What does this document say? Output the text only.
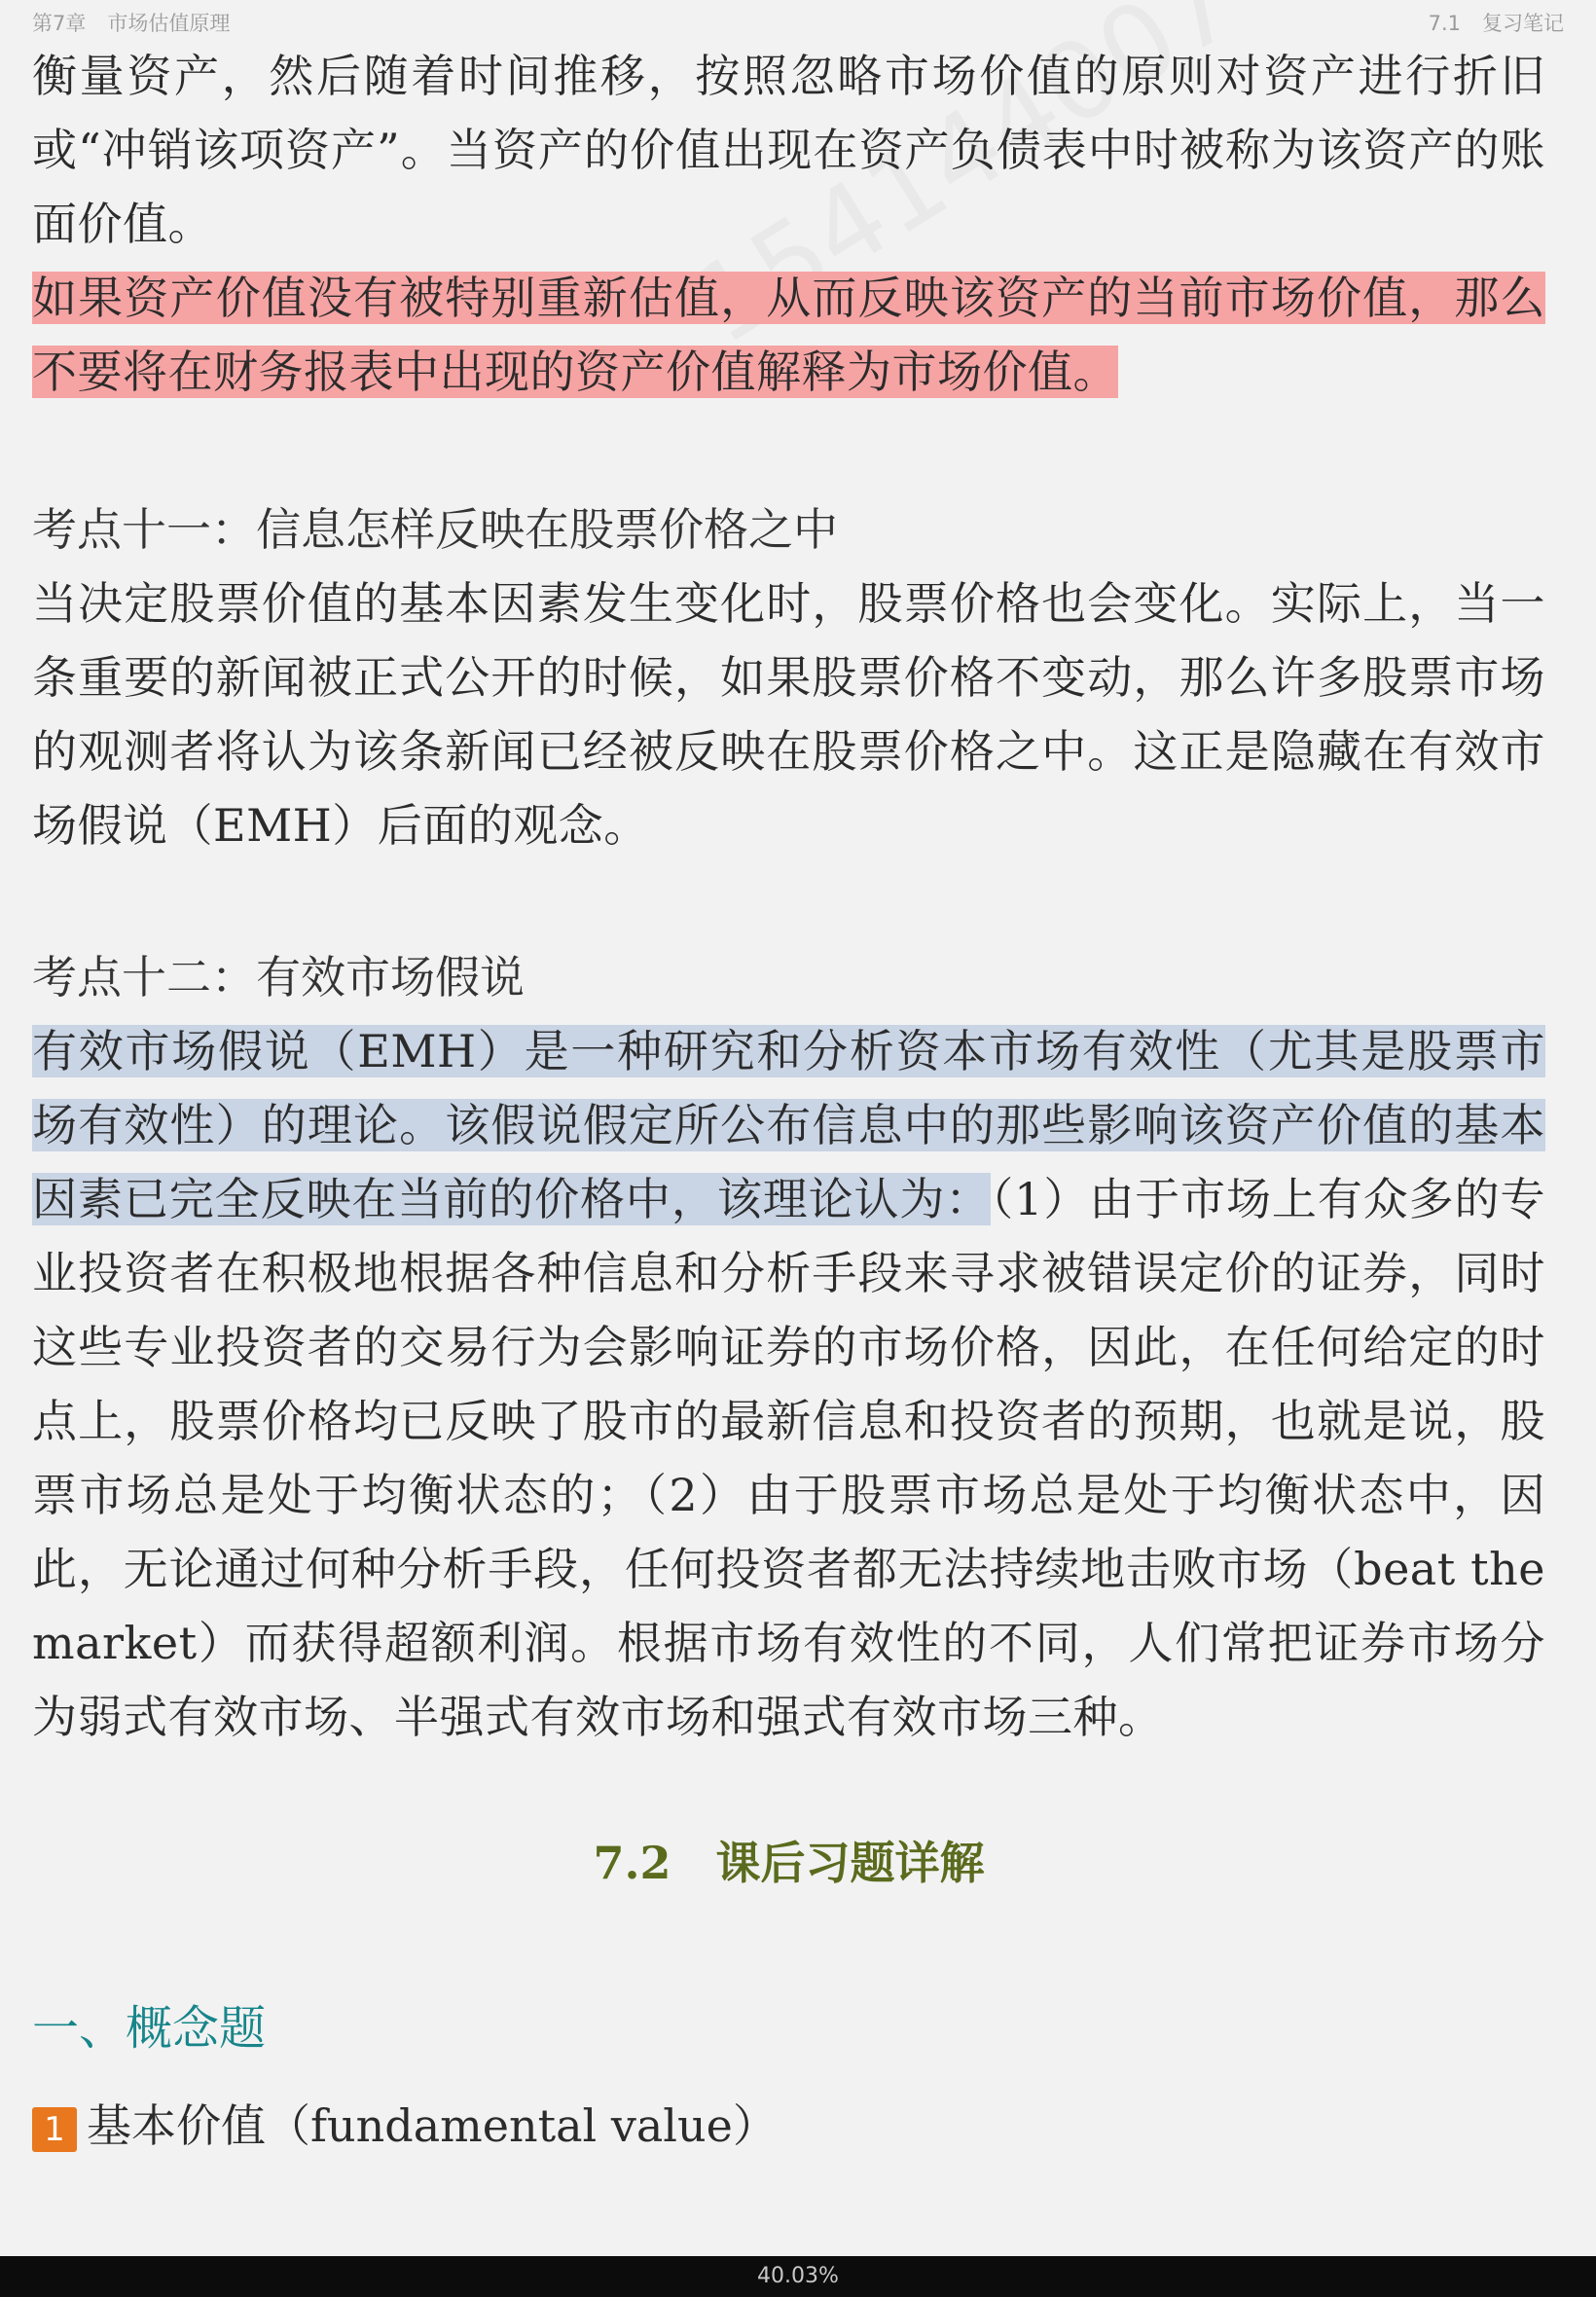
第7章 市场估值原理	7.1 复习笔记

衡量资产，然后随着时间推移，按照忽略市场价值的原则对资产进行折旧或“冲销该项资产”。当资产的价值出现在资产负债表中时被称为该资产的账面价值。

如果资产价值没有被特别重新估值，从而反映该资产的当前市场价值，那么不要将在财务报表中出现的资产价值解释为市场价值。

考点十一：信息怎样反映在股票价格之中

当决定股票价值的基本因素发生变化时，股票价格也会变化。实际上，当一条重要的新闻被正式公开的时候，如果股票价格不变动，那么许多股票市场的观测者将认为该条新闻已经被反映在股票价格之中。这正是隐藏在有效市场假说（EMH）后面的观念。

考点十二：有效市场假说

有效市场假说（EMH）是一种研究和分析资本市场有效性（尤其是股票市场有效性）的理论。该假说假定所公布信息中的那些影响该资产价值的基本因素已完全反映在当前的价格中，该理论认为：（1）由于市场上有众多的专业投资者在积极地根据各种信息和分析手段来寻求被错误定价的证券，同时这些专业投资者的交易行为会影响证券的市场价格，因此，在任何给定的时点上，股票价格均已反映了股市的最新信息和投资者的预期，也就是说，股票市场总是处于均衡状态的；（2）由于股票市场总是处于均衡状态中，因此，无论通过何种分析手段，任何投资者都无法持续地击败市场（beat the market）而获得超额利润。根据市场有效性的不同，人们常把证券市场分为弱式有效市场、半强式有效市场和强式有效市场三种。

7.2　课后习题详解
一、概念题
1 基本价值（fundamental value）
40.03%
